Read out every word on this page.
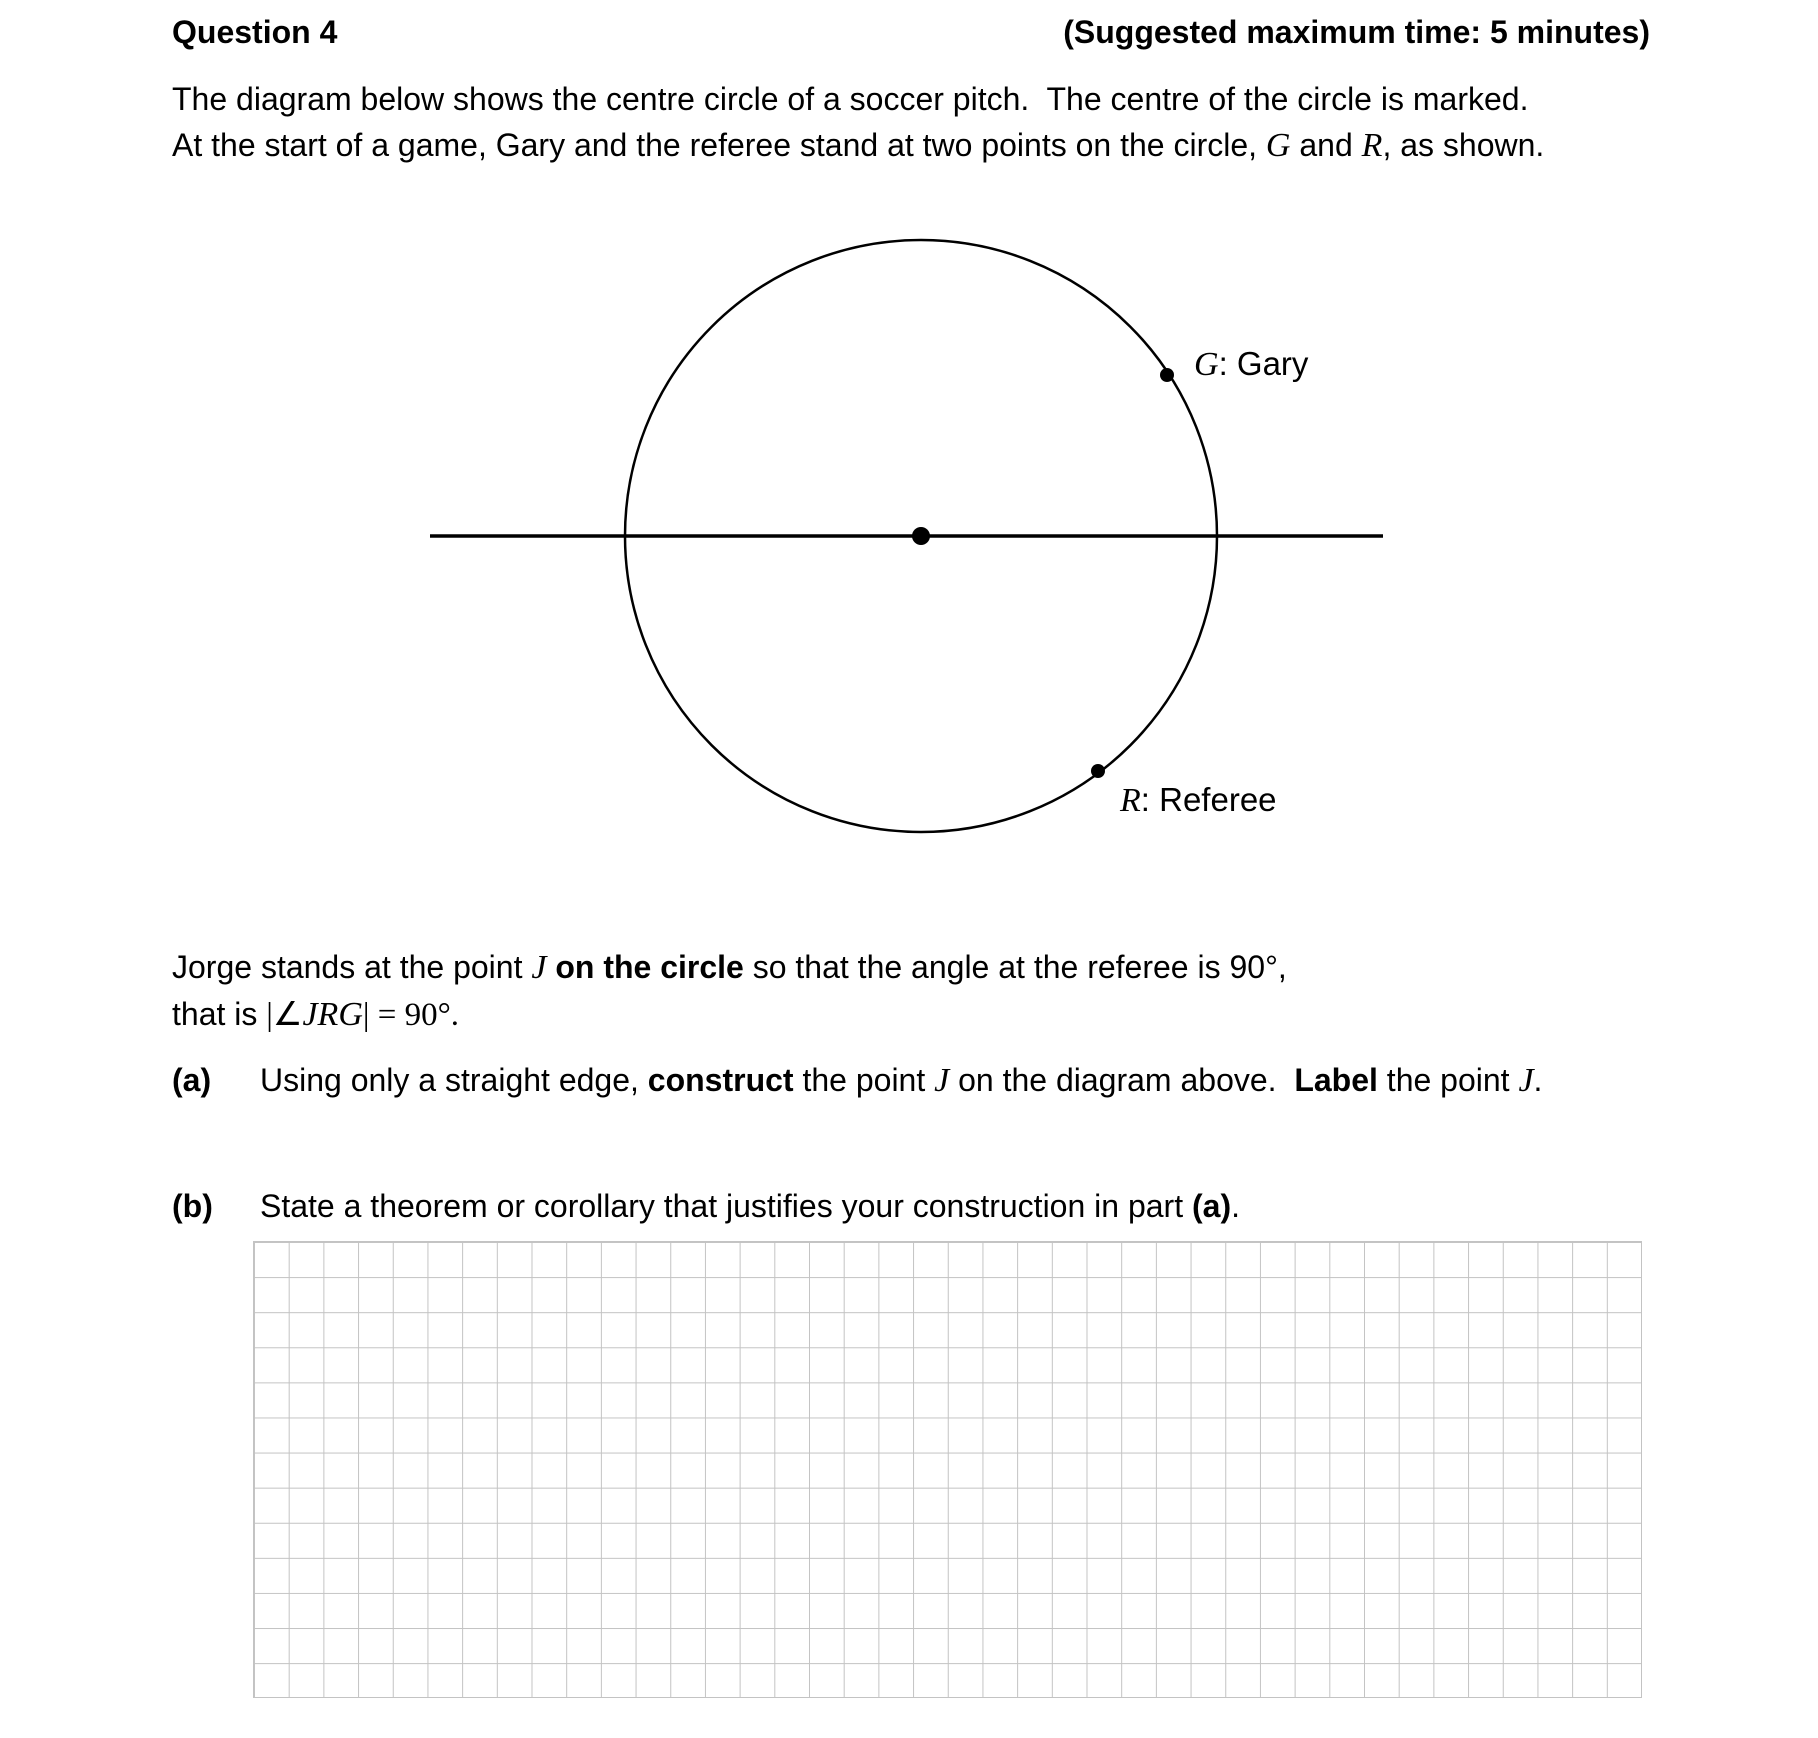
Question 4	(Suggested maximum time: 5 minutes)
The diagram below shows the centre circle of a soccer pitch.  The centre of the circle is marked.
At the start of a game, Gary and the referee stand at two points on the circle, G and R, as shown.
G: Gary
R: Referee
Jorge stands at the point J on the circle so that the angle at the referee is 90°,
that is |∠JRG| = 90°.
(a)	Using only a straight edge, construct the point J on the diagram above.  Label the point J.
(b)	State a theorem or corollary that justifies your construction in part (a).
